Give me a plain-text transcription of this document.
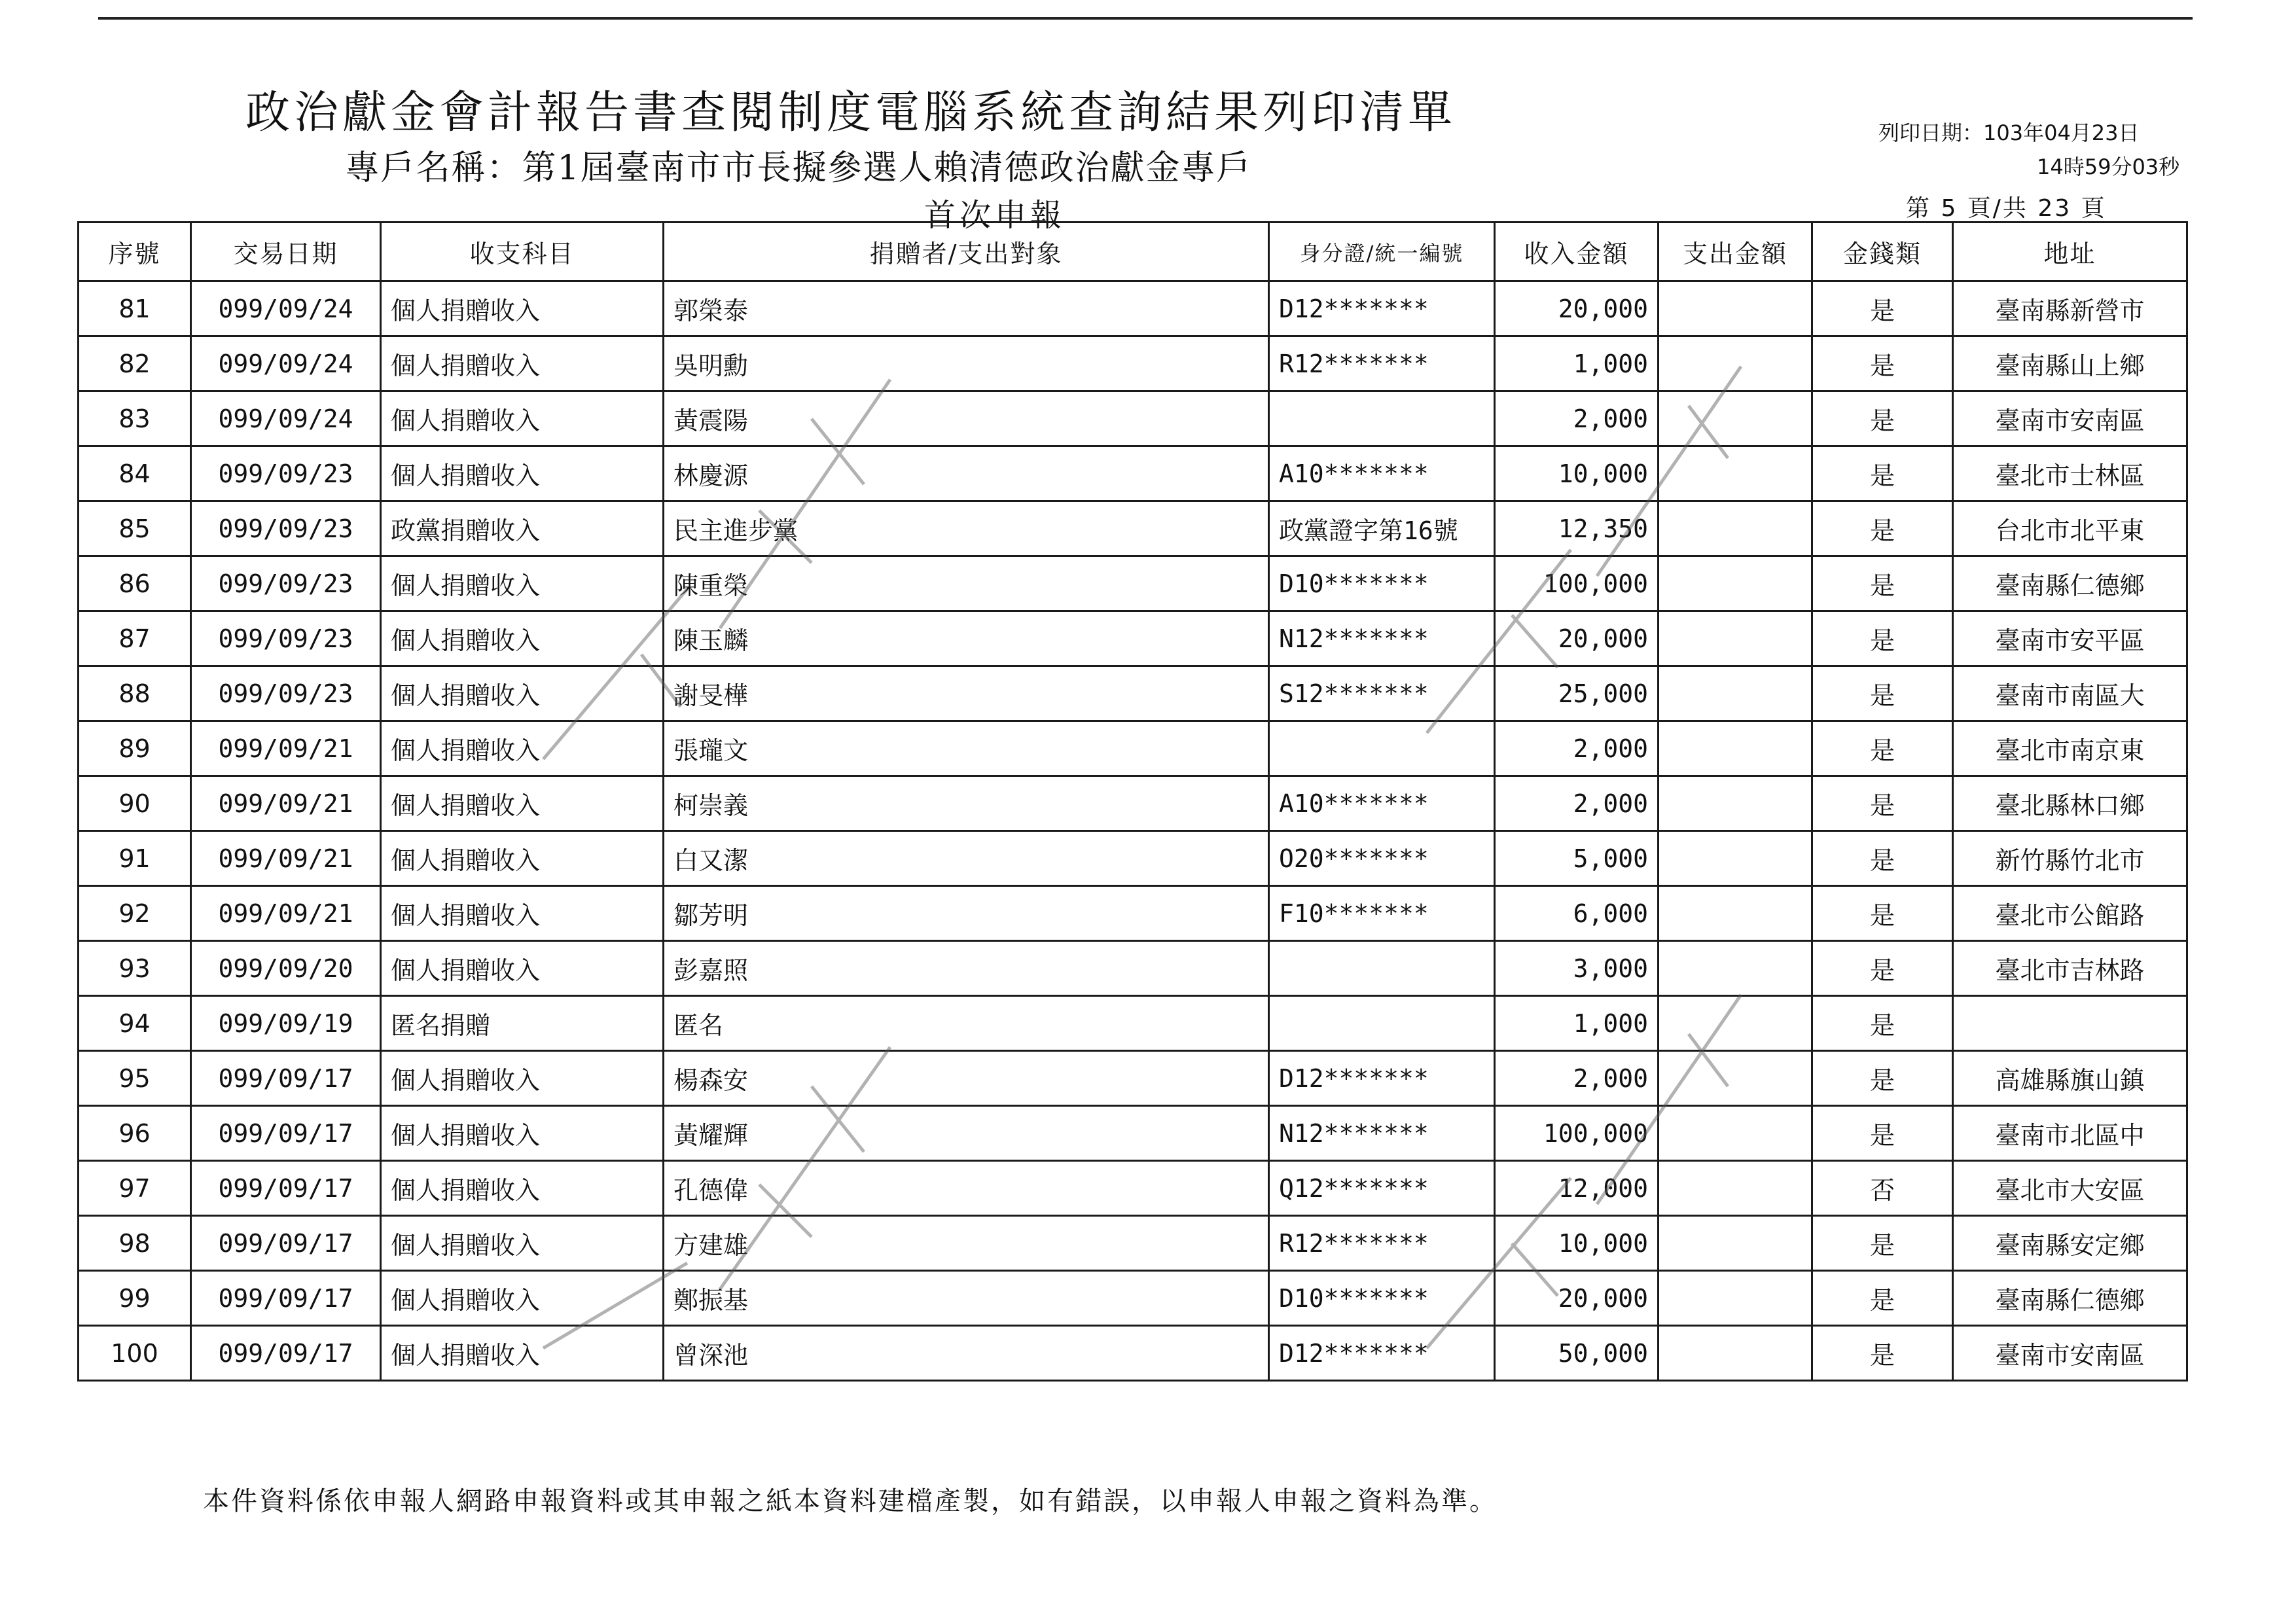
政治獻金會計報告書查閱制度電腦系統查詢結果列印清單
專戶名稱：第1屆臺南市市長擬參選人賴清德政治獻金專戶
首次申報
列印日期：103年04月23日
14時59分03秒
第 5 頁/共 23 頁
序號	交易日期	收支科目	捐贈者/支出對象	身分證/統一編號	收入金額	支出金額	金錢類	地址
81	099/09/24	個人捐贈收入	郭榮泰	D12*******	20,000		是	臺南縣新營市
82	099/09/24	個人捐贈收入	吳明勳	R12*******	1,000		是	臺南縣山上鄉
83	099/09/24	個人捐贈收入	黃震陽		2,000		是	臺南市安南區
84	099/09/23	個人捐贈收入	林慶源	A10*******	10,000		是	臺北市士林區
85	099/09/23	政黨捐贈收入	民主進步黨	政黨證字第16號	12,350		是	台北市北平東
86	099/09/23	個人捐贈收入	陳重榮	D10*******	100,000		是	臺南縣仁德鄉
87	099/09/23	個人捐贈收入	陳玉麟	N12*******	20,000		是	臺南市安平區
88	099/09/23	個人捐贈收入	謝旻樺	S12*******	25,000		是	臺南市南區大
89	099/09/21	個人捐贈收入	張瓏文		2,000		是	臺北市南京東
90	099/09/21	個人捐贈收入	柯崇義	A10*******	2,000		是	臺北縣林口鄉
91	099/09/21	個人捐贈收入	白又潔	O20*******	5,000		是	新竹縣竹北市
92	099/09/21	個人捐贈收入	鄒芳明	F10*******	6,000		是	臺北市公館路
93	099/09/20	個人捐贈收入	彭嘉照		3,000		是	臺北市吉林路
94	099/09/19	匿名捐贈	匿名		1,000		是	
95	099/09/17	個人捐贈收入	楊森安	D12*******	2,000		是	高雄縣旗山鎮
96	099/09/17	個人捐贈收入	黃耀輝	N12*******	100,000		是	臺南市北區中
97	099/09/17	個人捐贈收入	孔德偉	Q12*******	12,000		否	臺北市大安區
98	099/09/17	個人捐贈收入	方建雄	R12*******	10,000		是	臺南縣安定鄉
99	099/09/17	個人捐贈收入	鄭振基	D10*******	20,000		是	臺南縣仁德鄉
100	099/09/17	個人捐贈收入	曾深池	D12*******	50,000		是	臺南市安南區
本件資料係依申報人網路申報資料或其申報之紙本資料建檔產製，如有錯誤，以申報人申報之資料為準。
